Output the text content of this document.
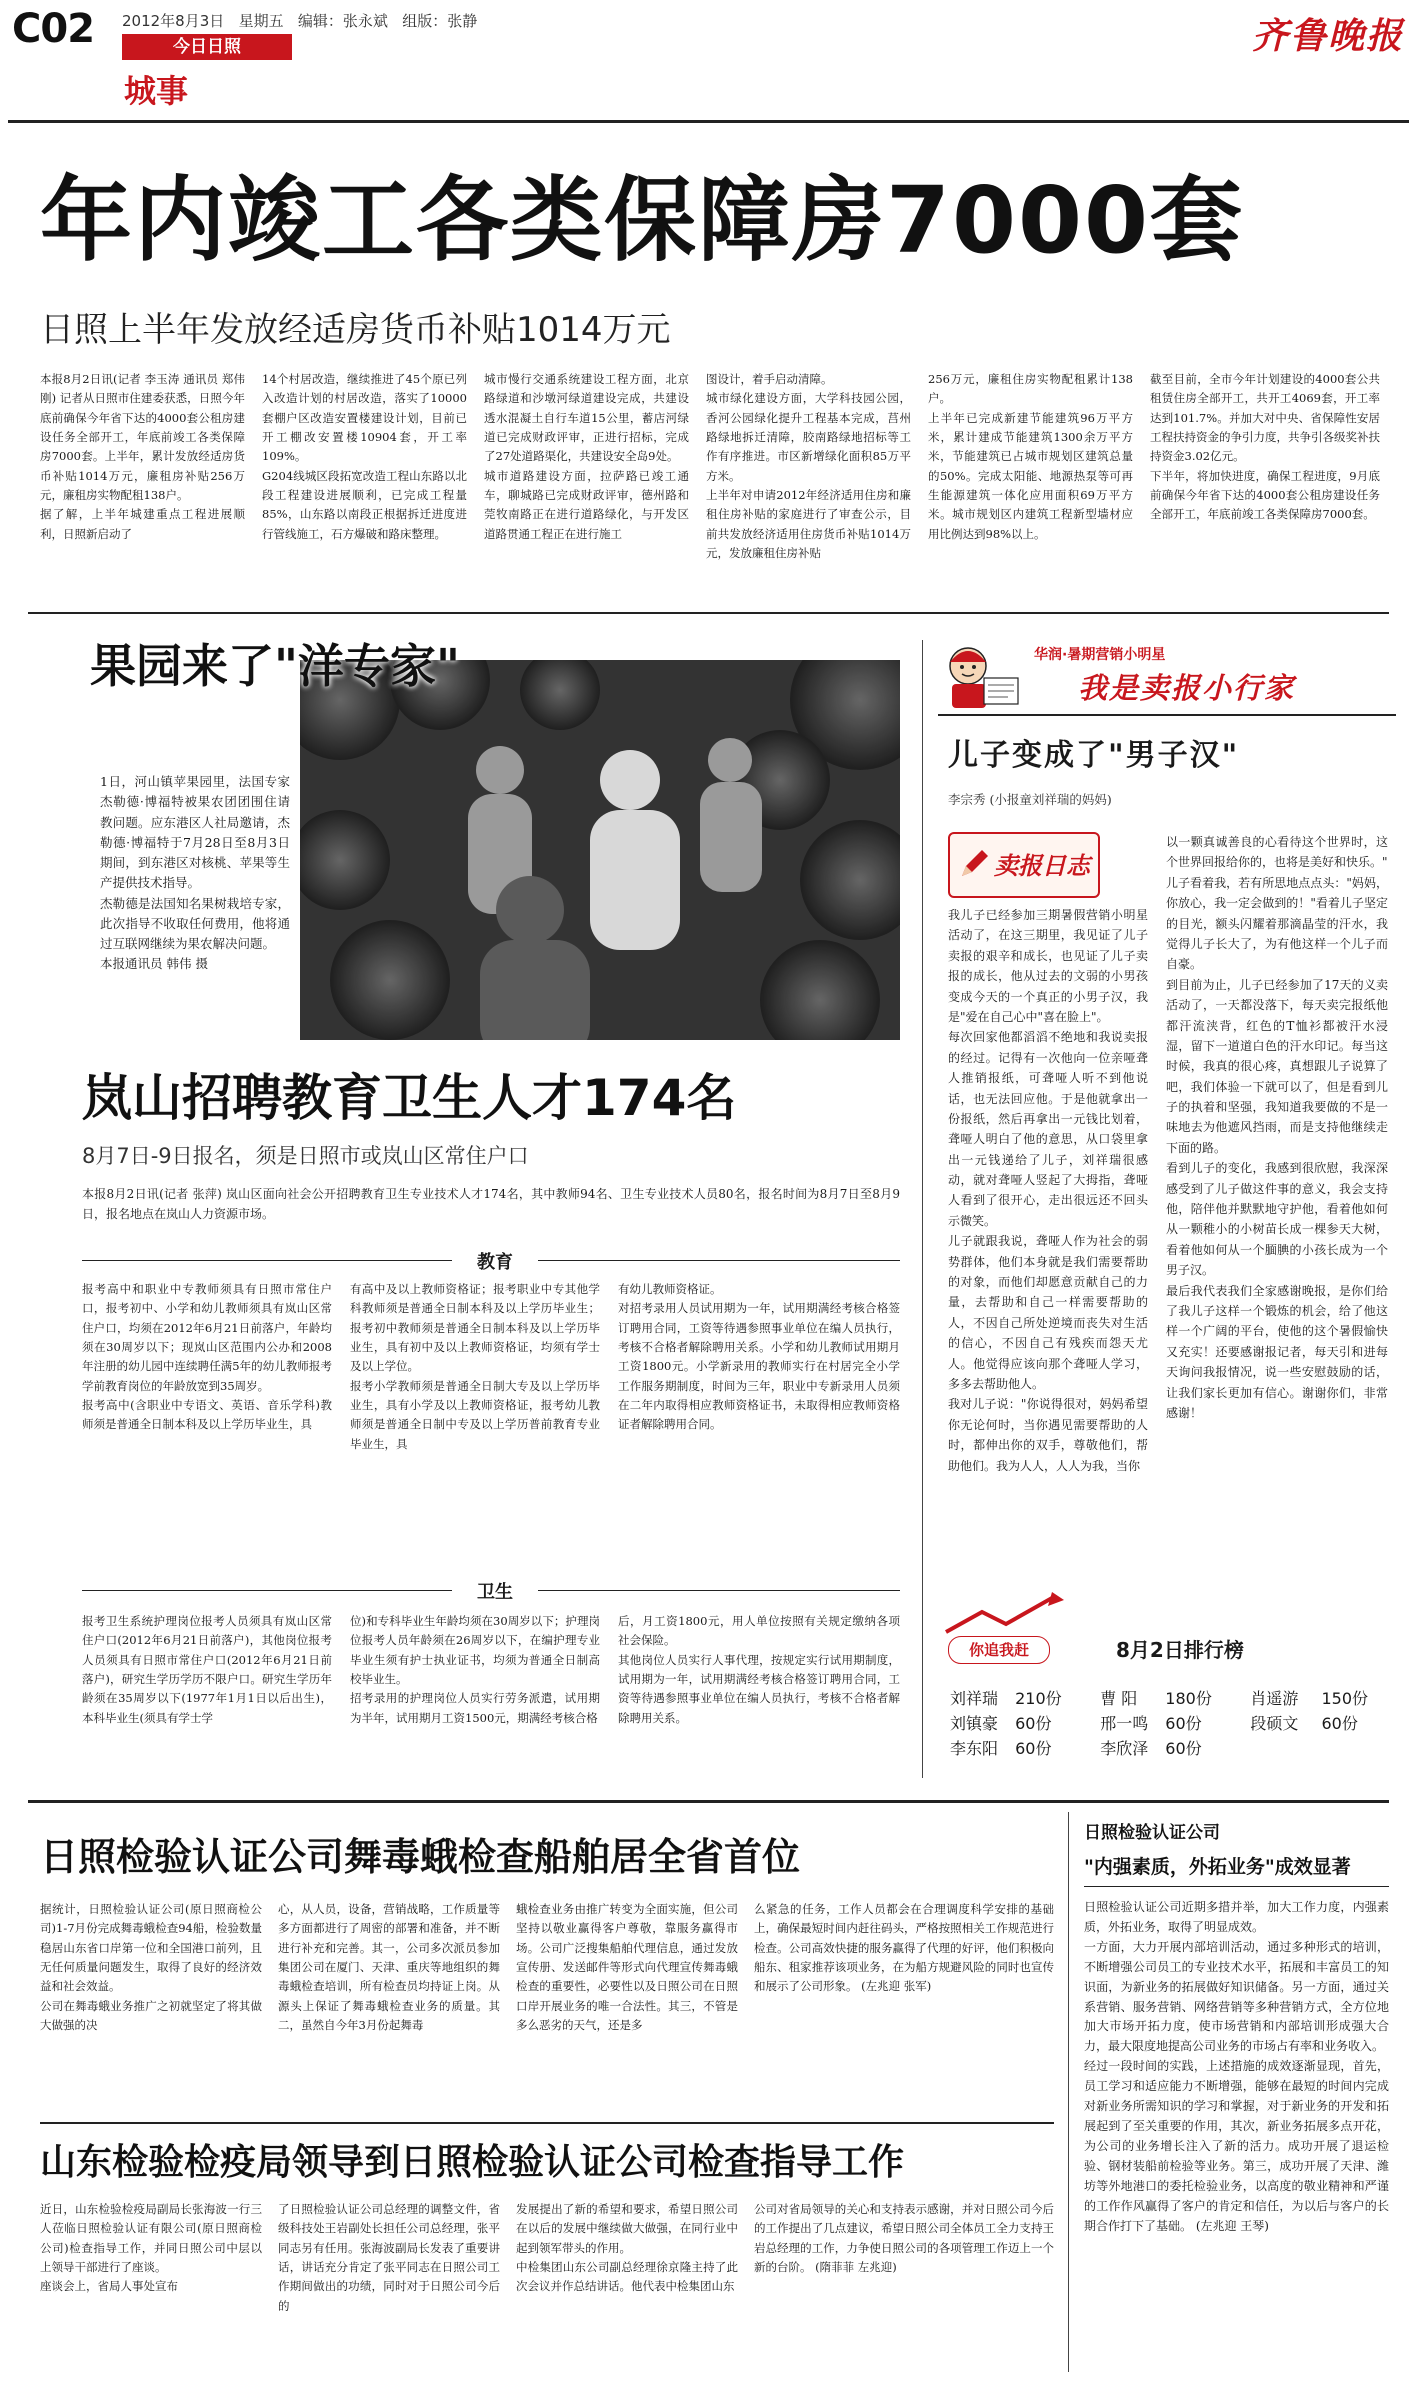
C02 2012年8月3日 星期五 编辑：张永斌 组版：张静
今日日照
城事
齐鲁晚报
年内竣工各类保障房7000套
日照上半年发放经适房货币补贴1014万元
本报8月2日讯(记者 李玉涛 通讯员 郑伟刚) 记者从日照市住建委获悉，日照今年底前确保今年省下达的4000套公租房建设任务全部开工，年底前竣工各类保障房7000套。上半年，累计发放经适房货币补贴1014万元，廉租房补贴256万元，廉租房实物配租138户。
据了解，上半年城建重点工程进展顺利，日照新启动了
14个村居改造，继续推进了45个原已列入改造计划的村居改造，落实了10000套棚户区改造安置楼建设计划，目前已开工棚改安置楼10904套，开工率109%。
G204线城区段拓宽改造工程山东路以北段工程建设进展顺利，已完成工程量85%，山东路以南段正根据拆迁进度进行管线施工，石方爆破和路床整理。
城市慢行交通系统建设工程方面，北京路绿道和沙墩河绿道建设完成，共建设透水混凝土自行车道15公里，蓄店河绿道已完成财政评审，正进行招标，完成了27处道路渠化，共建设安全岛9处。
城市道路建设方面，拉萨路已竣工通车，聊城路已完成财政评审，德州路和莞牧南路正在进行道路绿化，与开发区道路贯通工程正在进行施工
图设计，着手启动清障。
城市绿化建设方面，大学科技园公园，香河公园绿化提升工程基本完成，莒州路绿地拆迁清障，胶南路绿地招标等工作有序推进。市区新增绿化面积85万平方米。
上半年对申请2012年经济适用住房和廉租住房补贴的家庭进行了审查公示，目前共发放经济适用住房货币补贴1014万元，发放廉租住房补贴
256万元，廉租住房实物配租累计138户。
上半年已完成新建节能建筑96万平方米，累计建成节能建筑1300余万平方米，节能建筑已占城市规划区建筑总量的50%。完成太阳能、地源热泵等可再生能源建筑一体化应用面积69万平方米。城市规划区内建筑工程新型墙材应用比例达到98%以上。
截至目前，全市今年计划建设的4000套公共租赁住房全部开工，共开工4069套，开工率达到101.7%。并加大对中央、省保障性安居工程扶持资金的争引力度，共争引各级奖补扶持资金3.02亿元。
下半年，将加快进度，确保工程进度，9月底前确保今年省下达的4000套公租房建设任务全部开工，年底前竣工各类保障房7000套。
果园来了"洋专家"
1日，河山镇苹果园里，法国专家杰勒德·博福特被果农团团围住请教问题。应东港区人社局邀请，杰勒德·博福特于7月28日至8月3日期间，到东港区对核桃、苹果等生产提供技术指导。
杰勒德是法国知名果树栽培专家，此次指导不收取任何费用，他将通过互联网继续为果农解决问题。
本报通讯员 韩伟 摄
岚山招聘教育卫生人才174名
8月7日-9日报名，须是日照市或岚山区常住户口
本报8月2日讯(记者 张萍) 岚山区面向社会公开招聘教育卫生专业技术人才174名，其中教师94名、卫生专业技术人员80名，报名时间为8月7日至8月9日，报名地点在岚山人力资源市场。
教育
报考高中和职业中专教师须具有日照市常住户口，报考初中、小学和幼儿教师须具有岚山区常住户口，均须在2012年6月21日前落户，年龄均须在30周岁以下；现岚山区范围内公办和2008年注册的幼儿园中连续聘任满5年的幼儿教师报考学前教育岗位的年龄放宽到35周岁。
报考高中(含职业中专语文、英语、音乐学科)教师须是普通全日制本科及以上学历毕业生，具
有高中及以上教师资格证；报考职业中专其他学科教师须是普通全日制本科及以上学历毕业生；报考初中教师须是普通全日制本科及以上学历毕业生，具有初中及以上教师资格证，均须有学士及以上学位。
报考小学教师须是普通全日制大专及以上学历毕业生，具有小学及以上教师资格证，报考幼儿教师须是普通全日制中专及以上学历普前教育专业毕业生，具
有幼儿教师资格证。
对招考录用人员试用期为一年，试用期满经考核合格签订聘用合同，工资等待遇参照事业单位在编人员执行，考核不合格者解除聘用关系。小学和幼儿教师试用期月工资1800元。小学新录用的教师实行在村居完全小学工作服务期制度，时间为三年，职业中专新录用人员须在二年内取得相应教师资格证书，未取得相应教师资格证者解除聘用合同。
卫生
报考卫生系统护理岗位报考人员须具有岚山区常住户口(2012年6月21日前落户)，其他岗位报考人员须具有日照市常住户口(2012年6月21日前落户)，研究生学历学历不限户口。研究生学历年龄须在35周岁以下(1977年1月1日以后出生)，本科毕业生(须具有学士学
位)和专科毕业生年龄均须在30周岁以下；护理岗位报考人员年龄须在26周岁以下，在编护理专业毕业生须有护士执业证书，均须为普通全日制高校毕业生。
招考录用的护理岗位人员实行劳务派遣，试用期为半年，试用期月工资1500元，期满经考核合格
后，月工资1800元，用人单位按照有关规定缴纳各项社会保险。
其他岗位人员实行人事代理，按规定实行试用期制度，试用期为一年，试用期满经考核合格签订聘用合同，工资等待遇参照事业单位在编人员执行，考核不合格者解除聘用关系。
华润·暑期营销小明星
我是卖报小行家
儿子变成了"男子汉"
李宗秀 (小报童刘祥瑞的妈妈)
卖报日志
我儿子已经参加三期暑假营销小明星活动了，在这三期里，我见证了儿子卖报的艰辛和成长，也见证了儿子卖报的成长，他从过去的文弱的小男孩变成今天的一个真正的小男子汉，我是"爱在自己心中"喜在脸上"。
每次回家他都滔滔不绝地和我说卖报的经过。记得有一次他向一位亲哑聋人推销报纸，可聋哑人听不到他说话，也无法回应他。于是他就拿出一份报纸，然后再拿出一元钱比划着，聋哑人明白了他的意思，从口袋里拿出一元钱递给了儿子，刘祥瑞很感动，就对聋哑人竖起了大拇指，聋哑人看到了很开心，走出很远还不回头示微笑。
儿子就跟我说，聋哑人作为社会的弱势群体，他们本身就是我们需要帮助的对象，而他们却愿意贡献自己的力量，去帮助和自己一样需要帮助的人，不因自己所处逆境而丧失对生活的信心，不因自己有残疾而怨天尤人。他觉得应该向那个聋哑人学习，多多去帮助他人。
我对儿子说："你说得很对，妈妈希望你无论何时，当你遇见需要帮助的人时，都伸出你的双手，尊敬他们，帮助他们。我为人人，人人为我，当你
以一颗真诚善良的心看待这个世界时，这个世界回报给你的，也将是美好和快乐。"
儿子看着我，若有所思地点点头："妈妈，你放心，我一定会做到的！"看着儿子坚定的目光，额头闪耀着那滴晶莹的汗水，我觉得儿子长大了，为有他这样一个儿子而自豪。
到目前为止，儿子已经参加了17天的义卖活动了，一天都没落下，每天卖完报纸他都汗流浃背，红色的T恤衫都被汗水浸湿，留下一道道白色的汗水印记。每当这时候，我真的很心疼，真想跟儿子说算了吧，我们体验一下就可以了，但是看到儿子的执着和坚强，我知道我要做的不是一味地去为他遮风挡雨，而是支持他继续走下面的路。
看到儿子的变化，我感到很欣慰，我深深感受到了儿子做这件事的意义，我会支持他，陪伴他并默默地守护他，看着他如何从一颗稚小的小树苗长成一棵参天大树，看着他如何从一个腼腆的小孩长成为一个男子汉。
最后我代表我们全家感谢晚报，是你们给了我儿子这样一个锻炼的机会，给了他这样一个广阔的平台，使他的这个暑假愉快又充实！还要感谢报记者，每天引和进每天询问我报情况，说一些安慰鼓励的话，让我们家长更加有信心。谢谢你们，非常感谢！
你追我赶	8月2日排行榜
刘祥瑞 210份 曹 阳 180份 肖遥游 150份
刘镇豪 60份	邢一鸣 60份	段硕文 60份
李东阳 60份	李欣泽 60份
日照检验认证公司舞毒蛾检查船舶居全省首位
据统计，日照检验认证公司(原日照商检公司)1-7月份完成舞毒蛾检查94船，检验数量稳居山东省口岸第一位和全国港口前列，且无任何质量问题发生，取得了良好的经济效益和社会效益。
公司在舞毒蛾业务推广之初就坚定了将其做大做强的决
心，从人员，设备，营销战略，工作质量等多方面都进行了周密的部署和准备，并不断进行补充和完善。其一，公司多次派员参加集团公司在厦门、天津、重庆等地组织的舞毒蛾检查培训，所有检查员均持证上岗。从源头上保证了舞毒蛾检查业务的质量。其二，虽然自今年3月份起舞毒
蛾检查业务由推广转变为全面实施，但公司坚持以敬业赢得客户尊敬，靠服务赢得市场。公司广泛搜集船舶代理信息，通过发放宣传册、发送邮件等形式向代理宣传舞毒蛾检查的重要性，必要性以及日照公司在日照口岸开展业务的唯一合法性。其三，不管是多么恶劣的天气，还是多
么紧急的任务，工作人员都会在合理调度科学安排的基础上，确保最短时间内赶往码头，严格按照相关工作规范进行检查。公司高效快捷的服务赢得了代理的好评，他们积极向船东、租家推荐该项业务，在为船方规避风险的同时也宣传和展示了公司形象。 (左兆迎 张军)
山东检验检疫局领导到日照检验认证公司检查指导工作
近日，山东检验检疫局副局长张海波一行三人莅临日照检验认证有限公司(原日照商检公司)检查指导工作，并同日照公司中层以上领导干部进行了座谈。
座谈会上，省局人事处宣布
了日照检验认证公司总经理的调整文件，省级科技处王岩副处长担任公司总经理，张平同志另有任用。张海波副局长发表了重要讲话，讲话充分肯定了张平同志在日照公司工作期间做出的功绩，同时对于日照公司今后的
发展提出了新的希望和要求，希望日照公司在以后的发展中继续做大做强，在同行业中起到领军带头的作用。
中检集团山东公司副总经理徐京隆主持了此次会议并作总结讲话。他代表中检集团山东
公司对省局领导的关心和支持表示感谢，并对日照公司今后的工作提出了几点建议，希望日照公司全体员工全力支持王岩总经理的工作，力争使日照公司的各项管理工作迈上一个新的台阶。 (隋菲菲 左兆迎)
日照检验认证公司
"内强素质，外拓业务"成效显著
日照检验认证公司近期多措并举，加大工作力度，内强素质，外拓业务，取得了明显成效。
一方面，大力开展内部培训活动，通过多种形式的培训，不断增强公司员工的专业技术水平，拓展和丰富员工的知识面，为新业务的拓展做好知识储备。另一方面，通过关系营销、服务营销、网络营销等多种营销方式，全方位地加大市场开拓力度，使市场营销和内部培训形成强大合力，最大限度地提高公司业务的市场占有率和业务收入。
经过一段时间的实践，上述措施的成效逐渐显现，首先，员工学习和适应能力不断增强，能够在最短的时间内完成对新业务所需知识的学习和掌握，对于新业务的开发和拓展起到了至关重要的作用，其次，新业务拓展多点开花，为公司的业务增长注入了新的活力。成功开展了退运检验、钢材装船前检验等业务。第三，成功开展了天津、潍坊等外地港口的委托检验业务，以高度的敬业精神和严谨的工作作风赢得了客户的肯定和信任，为以后与客户的长期合作打下了基础。 (左兆迎 王琴)
